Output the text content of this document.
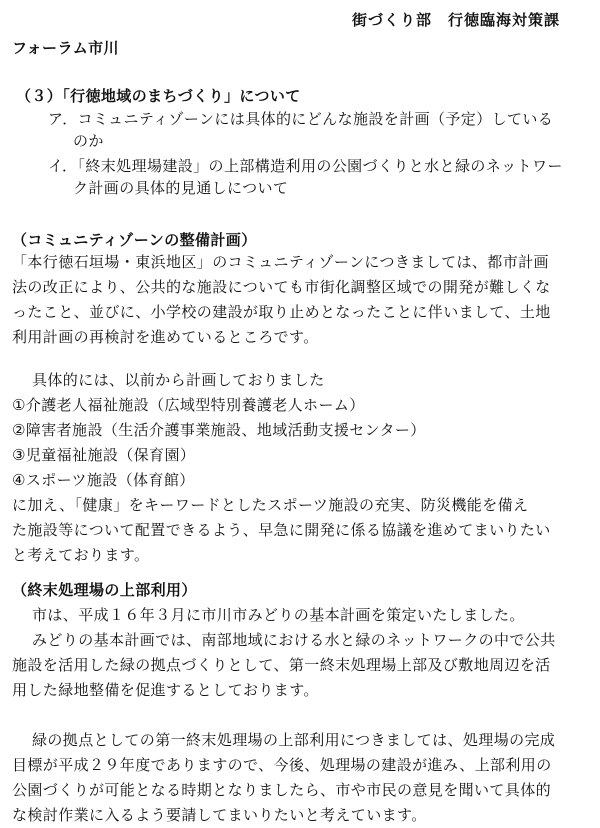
街づくり部　行徳臨海対策課
フォーラム市川
（３）「行徳地域のまちづくり」について
ア．コミュニティゾーンには具体的にどんな施設を計画（予定）している
のか
イ．「終末処理場建設」の上部構造利用の公園づくりと水と緑のネットワー
ク計画の具体的見通しについて
（コミュニティゾーンの整備計画）
「本行徳石垣場・東浜地区」のコミュニティゾーンにつきましては、都市計画
法の改正により、公共的な施設についても市街化調整区域での開発が難しくな
ったこと、並びに、小学校の建設が取り止めとなったことに伴いまして、土地
利用計画の再検討を進めているところです。
具体的には、以前から計画しておりました
①介護老人福祉施設（広域型特別養護老人ホーム）
②障害者施設（生活介護事業施設、地域活動支援センター）
③児童福祉施設（保育園）
④スポーツ施設（体育館）
に加え、「健康」をキーワードとしたスポーツ施設の充実、防災機能を備え
た施設等について配置できるよう、早急に開発に係る協議を進めてまいりたい
と考えております。
（終末処理場の上部利用）
市は、平成１６年３月に市川市みどりの基本計画を策定いたしました。
みどりの基本計画では、南部地域における水と緑のネットワークの中で公共
施設を活用した緑の拠点づくりとして、第一終末処理場上部及び敷地周辺を活
用した緑地整備を促進するとしております。
緑の拠点としての第一終末処理場の上部利用につきましては、処理場の完成
目標が平成２９年度でありますので、今後、処理場の建設が進み、上部利用の
公園づくりが可能となる時期となりましたら、市や市民の意見を聞いて具体的
な検討作業に入るよう要請してまいりたいと考えています。
